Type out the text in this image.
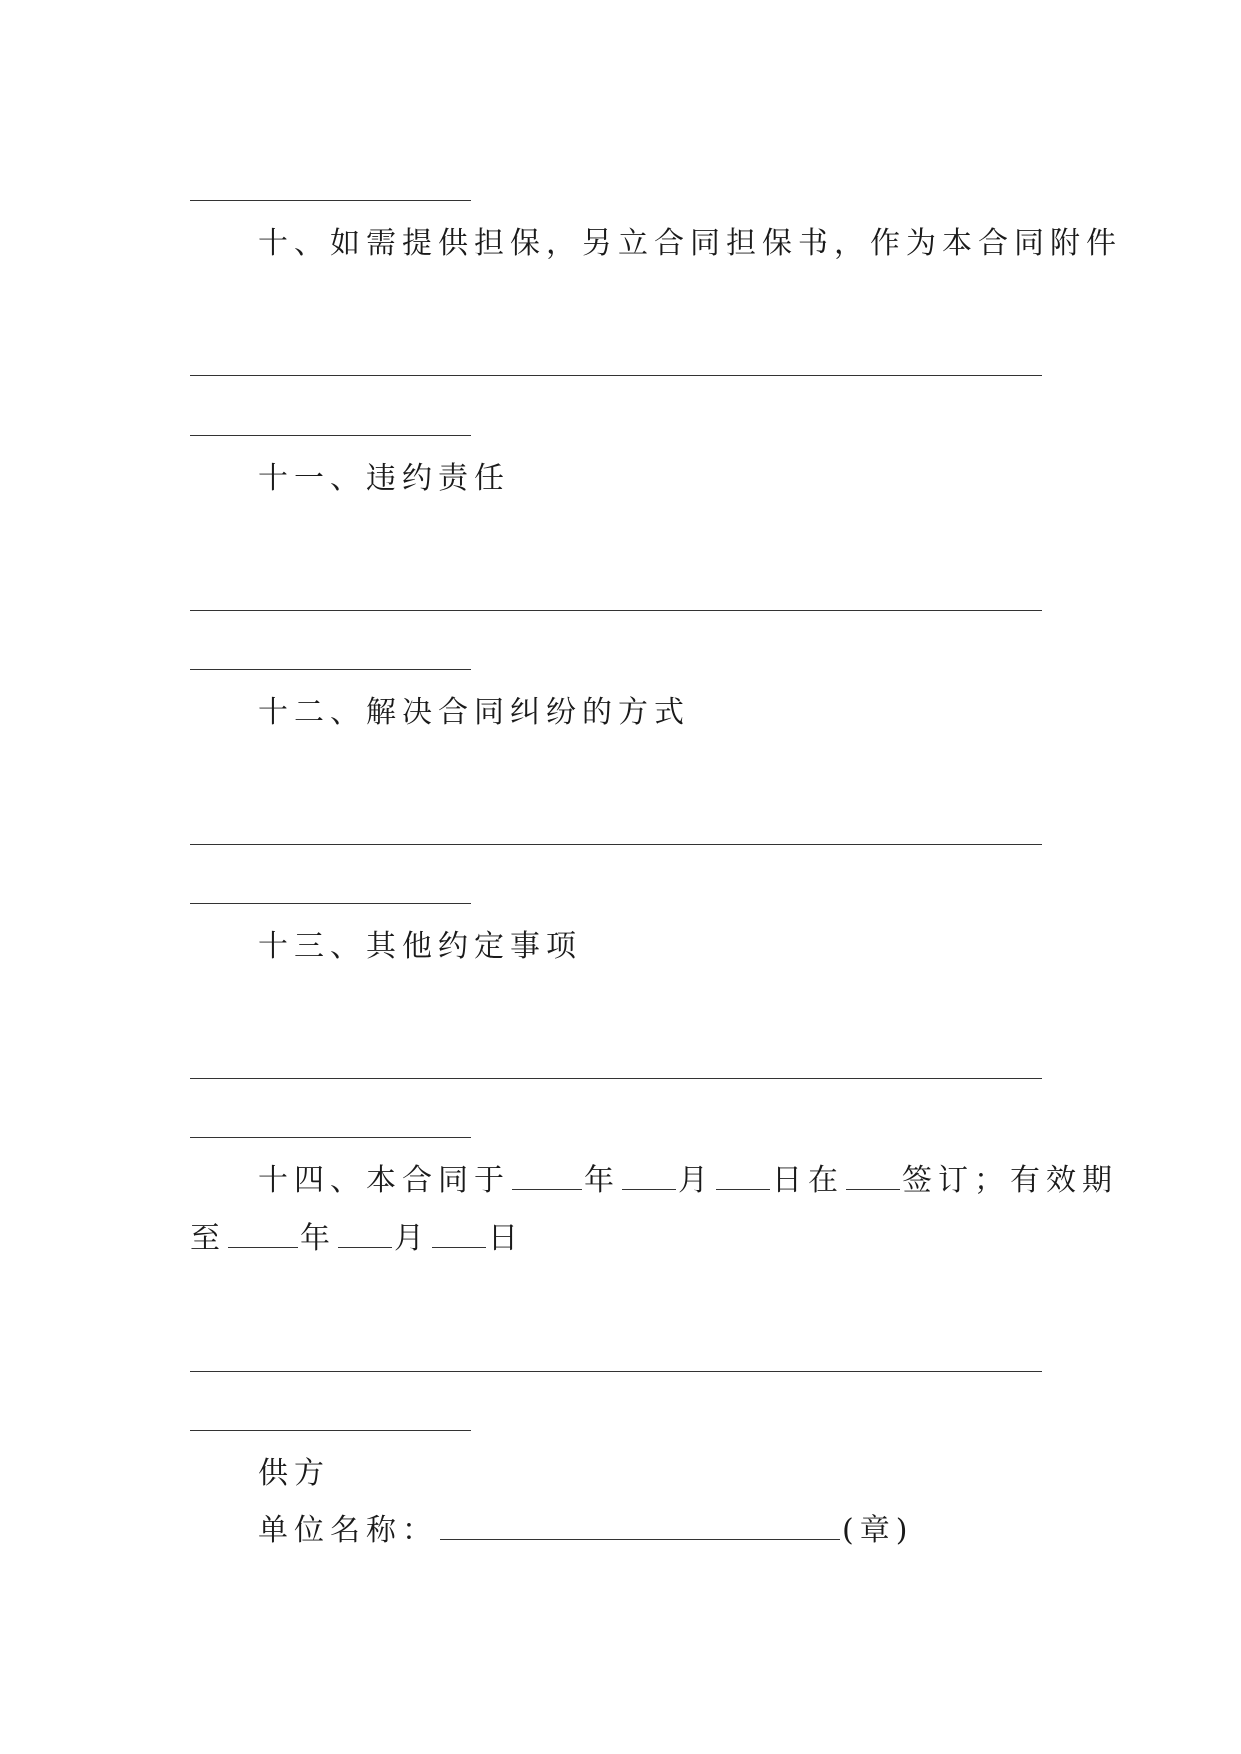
十、如需提供担保，另立合同担保书，作为本合同附件
十一、违约责任
十二、解决合同纠纷的方式
十三、其他约定事项
十四、本合同于 年 月 日在 签订；有效期
至 年 月 日
供方
单位名称：	(章)
